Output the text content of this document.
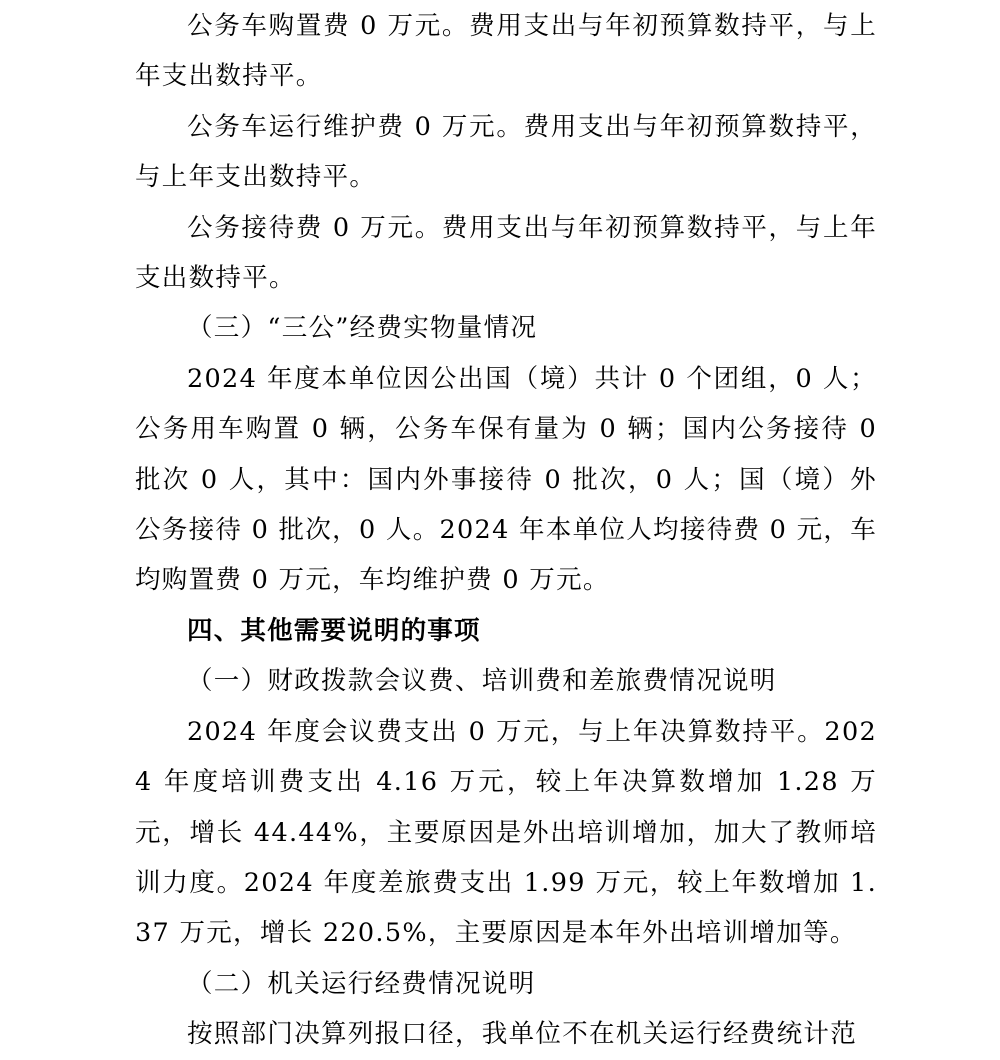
公务车购置费 0 万元。费用支出与年初预算数持平，与上年支出数持平。

公务车运行维护费 0 万元。费用支出与年初预算数持平，与上年支出数持平。

公务接待费 0 万元。费用支出与年初预算数持平，与上年支出数持平。

（三）“三公”经费实物量情况

2024 年度本单位因公出国（境）共计 0 个团组，0 人；公务用车购置 0 辆，公务车保有量为 0 辆；国内公务接待 0 批次 0 人，其中：国内外事接待 0 批次，0 人；国（境）外公务接待 0 批次，0 人。2024 年本单位人均接待费 0 元，车均购置费 0 万元，车均维护费 0 万元。

四、其他需要说明的事项

（一）财政拨款会议费、培训费和差旅费情况说明

2024 年度会议费支出 0 万元，与上年决算数持平。2024 年度培训费支出 4.16 万元，较上年决算数增加 1.28 万元，增长 44.44%，主要原因是外出培训增加，加大了教师培训力度。2024 年度差旅费支出 1.99 万元，较上年数增加 1.37 万元，增长 220.5%，主要原因是本年外出培训增加等。

（二）机关运行经费情况说明

按照部门决算列报口径，我单位不在机关运行经费统计范
